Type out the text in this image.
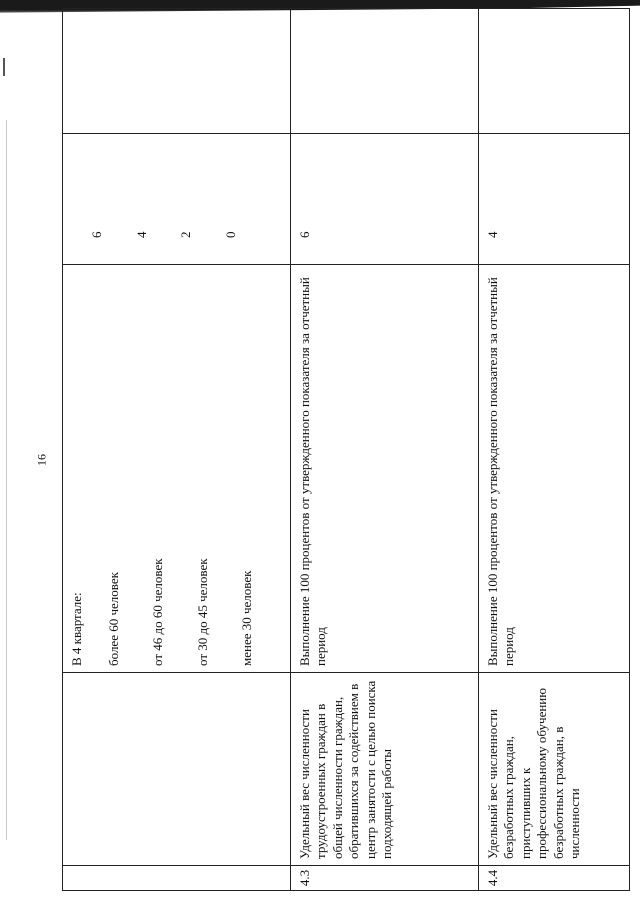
16

		В 4 квартале: более 60 человек от 46 до 60 человек от 30 до 45 человек менее 30 человек	6 4 2 0	

4.3	Удельный вес численности трудоустроенных граждан в общей численности граждан, обратившихся за содействием в центр занятости с целью поиска подходящей работы	Выполнение 100 процентов от утвержденного показателя за отчетный период	6	
4.4	Удельный вес численности безработных граждан, приступивших к профессиональному обучению безработных граждан, в численности	Выполнение 100 процентов от утвержденного показателя за отчетный период	4	
